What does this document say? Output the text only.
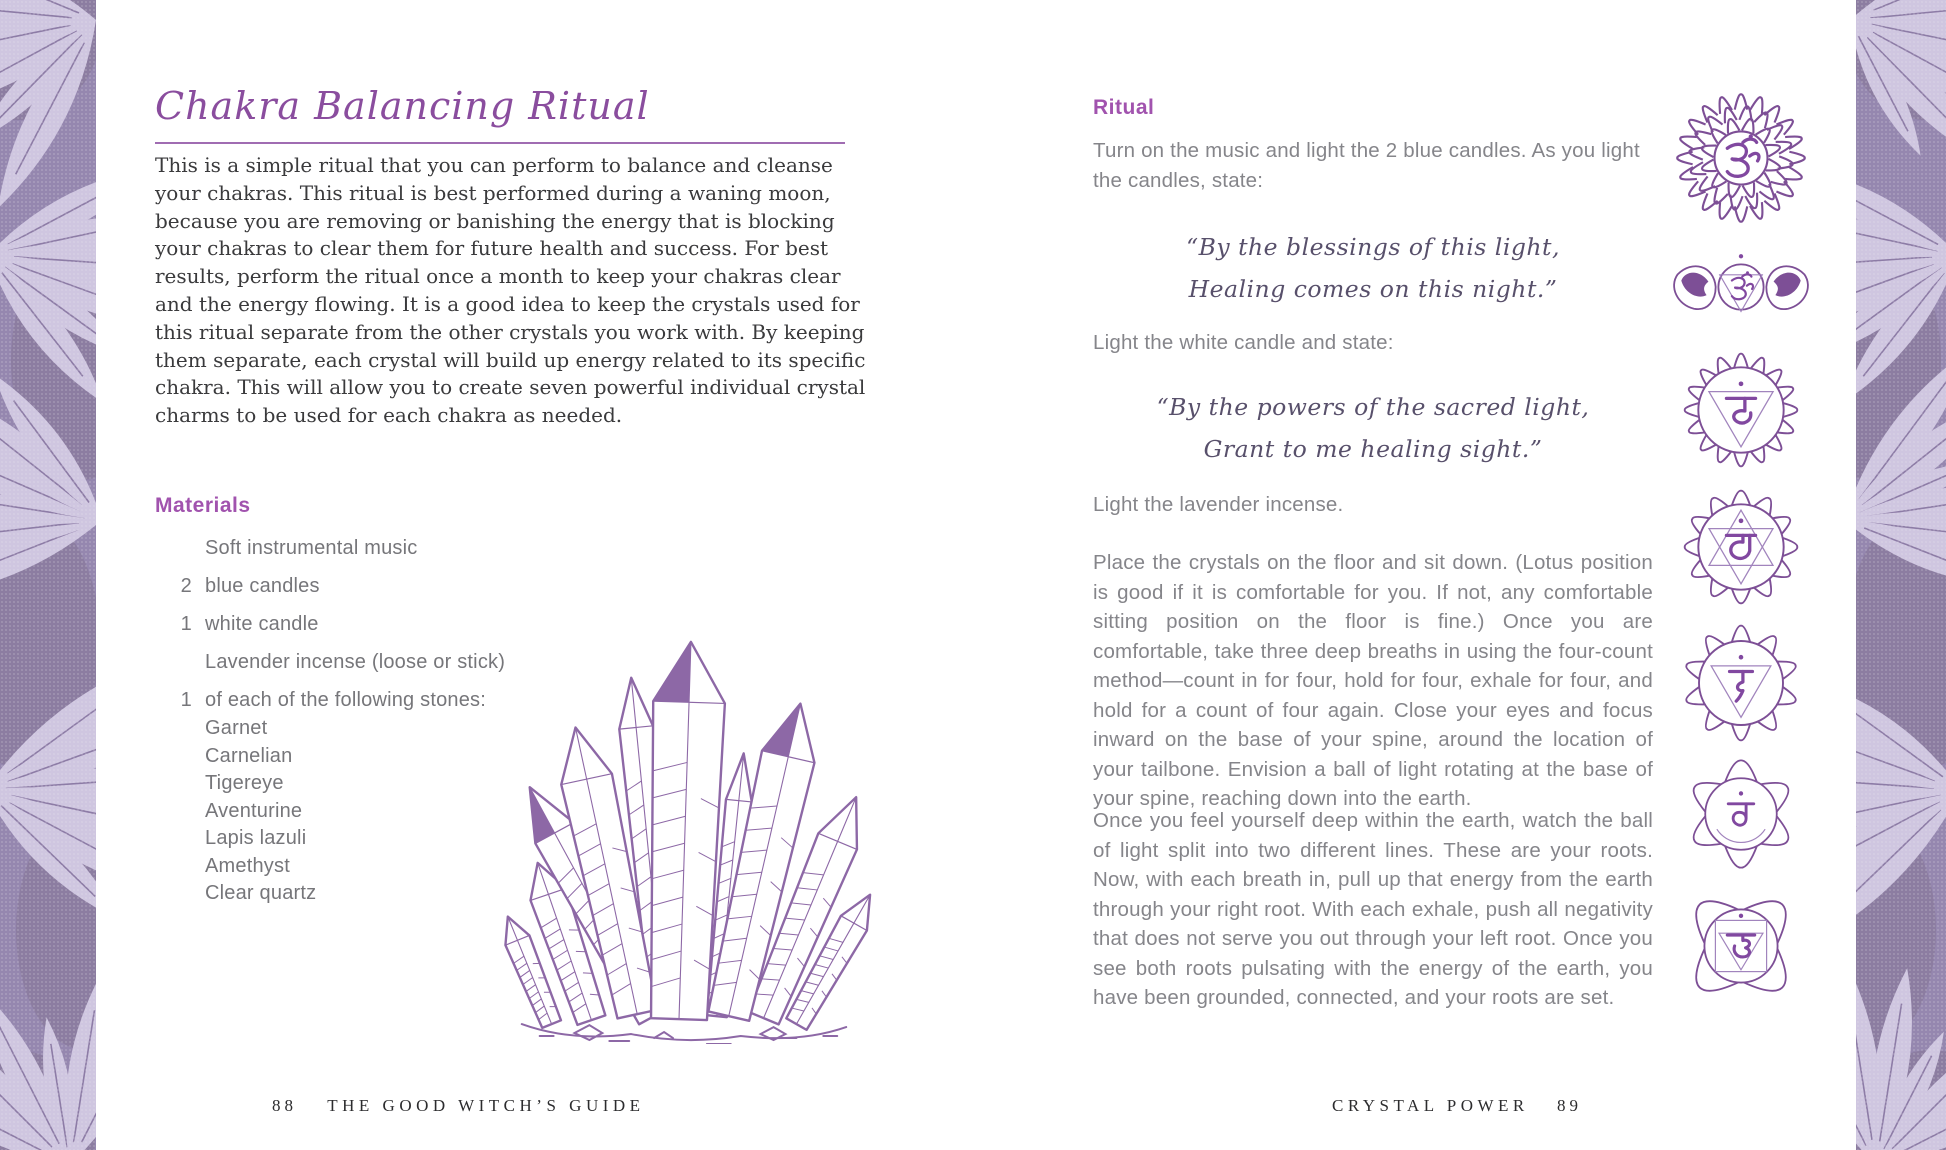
Chakra Balancing Ritual
This is a simple ritual that you can perform to balance and cleanse your chakras. This ritual is best performed during a waning moon, because you are removing or banishing the energy that is blocking your chakras to clear them for future health and success. For best results, perform the ritual once a month to keep your chakras clear and the energy flowing. It is a good idea to keep the crystals used for this ritual separate from the other crystals you work with. By keeping them separate, each crystal will build up energy related to its specific chakra. This will allow you to create seven powerful individual crystal charms to be used for each chakra as needed.
Materials
Soft instrumental music
2 blue candles
1 white candle
Lavender incense (loose or stick)
1 of each of the following stones:
Garnet
Carnelian
Tigereye
Aventurine
Lapis lazuli
Amethyst
Clear quartz
88 THE GOOD WITCH’S GUIDE
Ritual
Turn on the music and light the 2 blue candles. As you light the candles, state:
“By the blessings of this light,
Healing comes on this night.”
Light the white candle and state:
“By the powers of the sacred light,
Grant to me healing sight.”
Light the lavender incense.
Place the crystals on the floor and sit down. (Lotus position is good if it is comfortable for you. If not, any comfortable sitting position on the floor is fine.) Once you are comfortable, take three deep breaths in using the four-count method—count in for four, hold for four, exhale for four, and hold for a count of four again. Close your eyes and focus inward on the base of your spine, around the location of your tailbone. Envision a ball of light rotating at the base of your spine, reaching down into the earth.
Once you feel yourself deep within the earth, watch the ball of light split into two different lines. These are your roots. Now, with each breath in, pull up that energy from the earth through your right root. With each exhale, push all negativity that does not serve you out through your left root. Once you see both roots pulsating with the energy of the earth, you have been grounded, connected, and your roots are set.
CRYSTAL POWER 89
